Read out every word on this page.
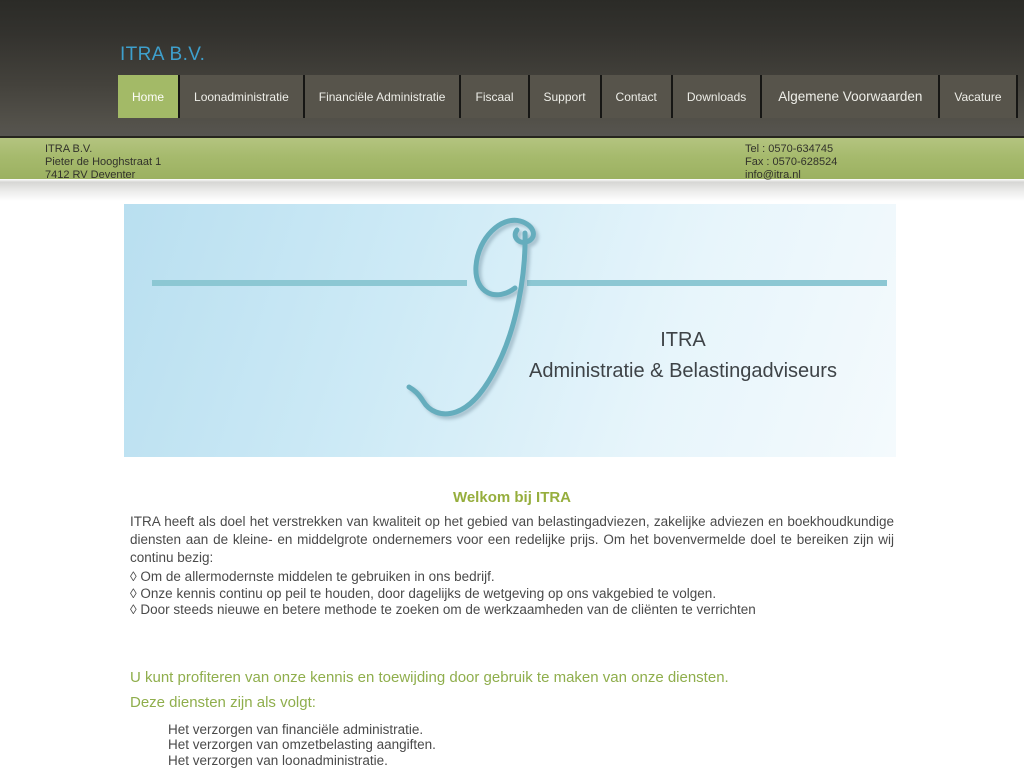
ITRA B.V.
Home	Loonadministratie	Financiële Administratie	Fiscaal	Support	Contact	Downloads Algemene Voorwaarden	Vacature
ITRA B.V.
Pieter de Hooghstraat 1
7412 RV Deventer
Tel : 0570-634745
Fax : 0570-628524
info@itra.nl
ITRA
Administratie & Belastingadviseurs
Welkom bij ITRA

ITRA heeft als doel het verstrekken van kwaliteit op het gebied van belastingadviezen, zakelijke adviezen en boekhoudkundige diensten aan de kleine- en middelgrote ondernemers voor een redelijke prijs. Om het bovenvermelde doel te bereiken zijn wij continu bezig:

◊ Om de allermodernste middelen te gebruiken in ons bedrijf.
◊ Onze kennis continu op peil te houden, door dagelijks de wetgeving op ons vakgebied te volgen.
◊ Door steeds nieuwe en betere methode te zoeken om de werkzaamheden van de cliënten te verrichten
U kunt profiteren van onze kennis en toewijding door gebruik te maken van onze diensten.
Deze diensten zijn als volgt:
Het verzorgen van financiële administratie.
Het verzorgen van omzetbelasting aangiften.
Het verzorgen van loonadministratie.
